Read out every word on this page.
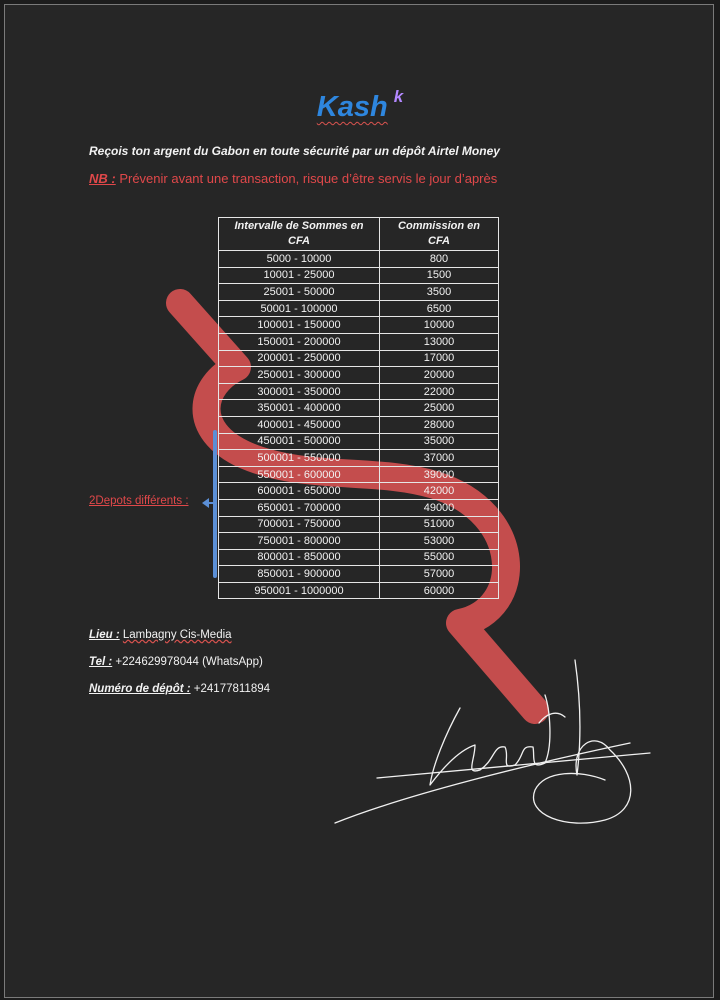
Kash $^k$
Reçois ton argent du Gabon en toute sécurité par un dépôt Airtel Money
NB : Prévenir avant une transaction, risque d’être servis le jour d’après
Intervalle de Sommes en CFA	Commission en CFA
5000 - 10000	800
10001 - 25000	1500
25001 - 50000	3500
50001 - 100000	6500
100001 - 150000	10000
150001 - 200000	13000
200001 - 250000	17000
250001 - 300000	20000
300001 - 350000	22000
350001 - 400000	25000
400001 - 450000	28000
450001 - 500000	35000
500001 - 550000	37000
550001 - 600000	39000
600001 - 650000	42000
650001 - 700000	49000
700001 - 750000	51000
750001 - 800000	53000
800001 - 850000	55000
850001 - 900000	57000
950001 - 1000000	60000
2Depots différents :
Lieu : Lambagny Cis-Media
Tel : +224629978044 (WhatsApp)
Numéro de dépôt : +24177811894
